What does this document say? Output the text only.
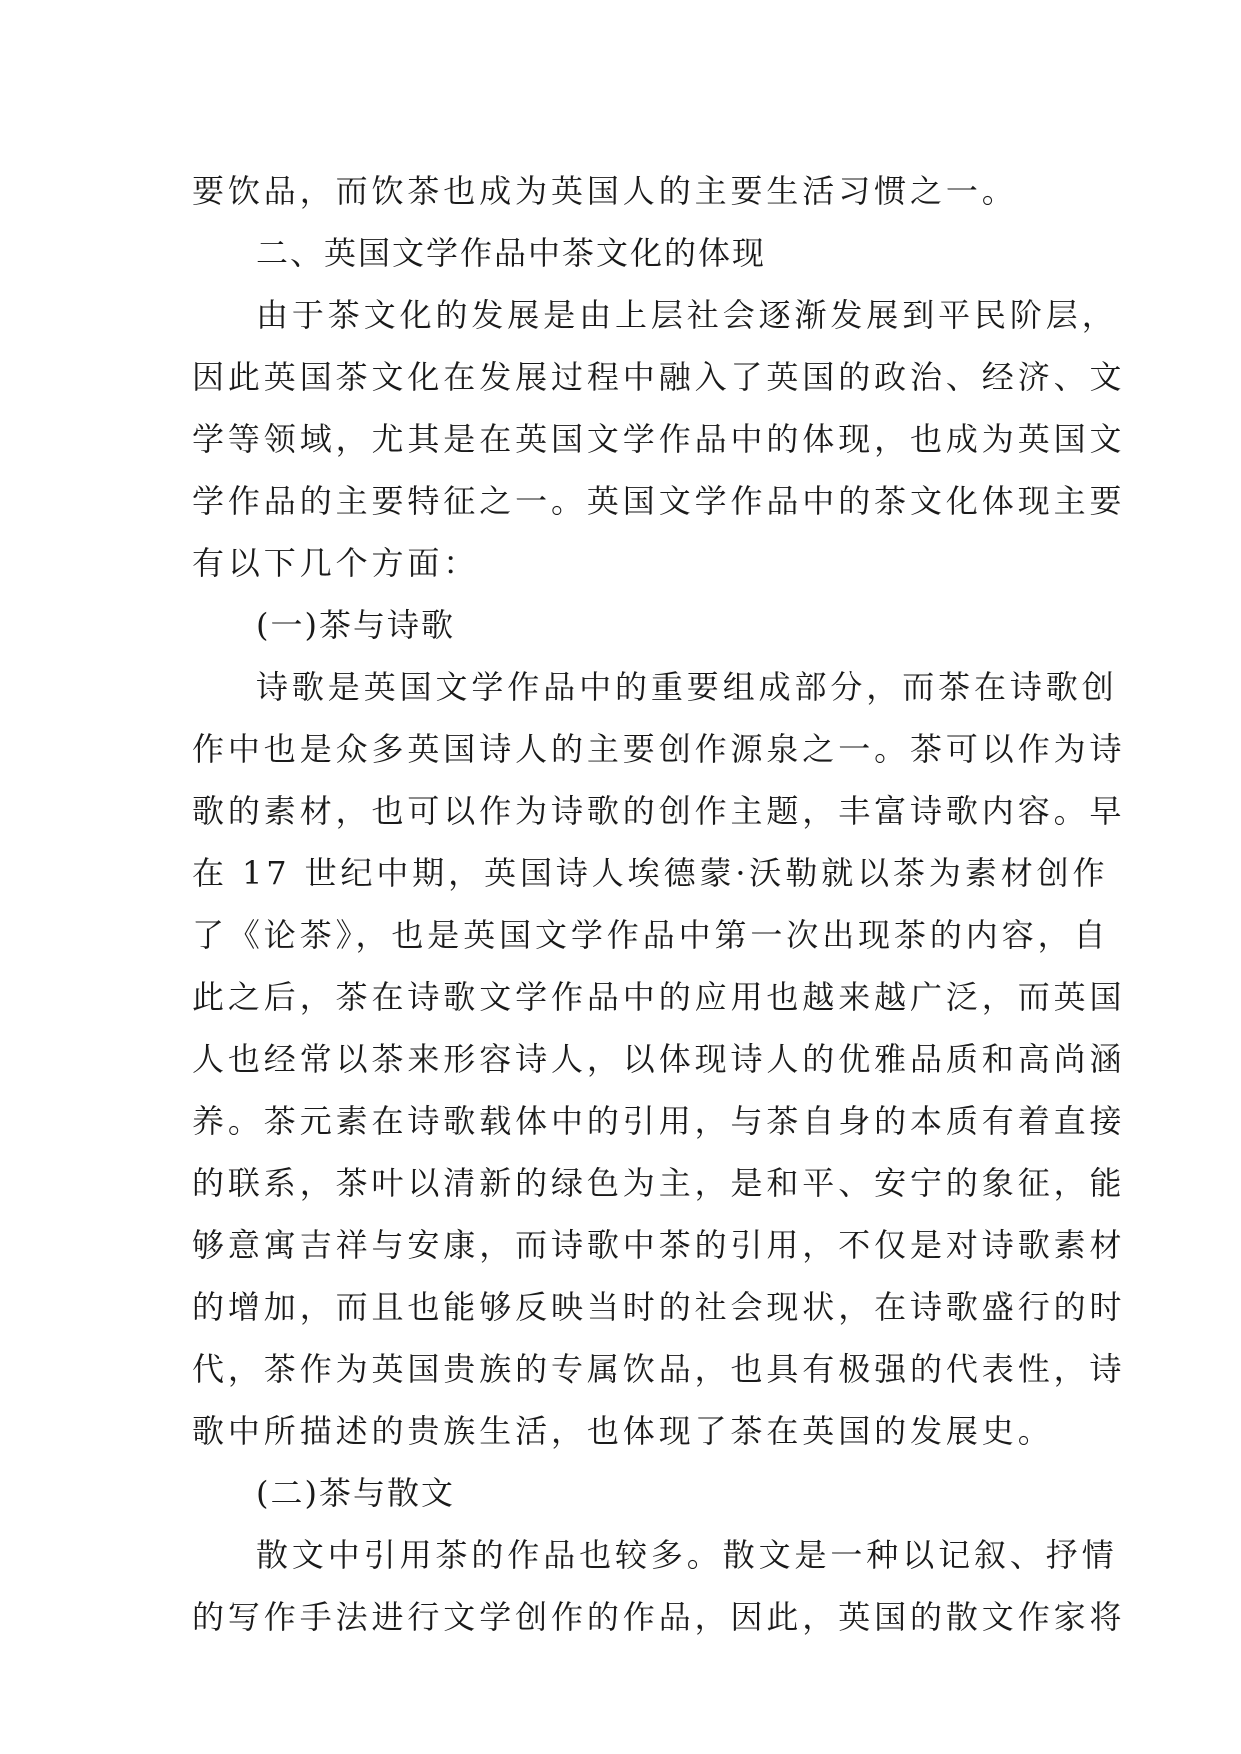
要饮品，而饮茶也成为英国人的主要生活习惯之一。
二、英国文学作品中茶文化的体现
由于茶文化的发展是由上层社会逐渐发展到平民阶层，
因此英国茶文化在发展过程中融入了英国的政治、经济、文
学等领域，尤其是在英国文学作品中的体现，也成为英国文
学作品的主要特征之一。英国文学作品中的茶文化体现主要
有以下几个方面：
(一)茶与诗歌
诗歌是英国文学作品中的重要组成部分，而茶在诗歌创
作中也是众多英国诗人的主要创作源泉之一。茶可以作为诗
歌的素材，也可以作为诗歌的创作主题，丰富诗歌内容。早
在 17 世纪中期，英国诗人埃德蒙·沃勒就以茶为素材创作
了《论茶》，也是英国文学作品中第一次出现茶的内容，自
此之后，茶在诗歌文学作品中的应用也越来越广泛，而英国
人也经常以茶来形容诗人，以体现诗人的优雅品质和高尚涵
养。茶元素在诗歌载体中的引用，与茶自身的本质有着直接
的联系，茶叶以清新的绿色为主，是和平、安宁的象征，能
够意寓吉祥与安康，而诗歌中茶的引用，不仅是对诗歌素材
的增加，而且也能够反映当时的社会现状，在诗歌盛行的时
代，茶作为英国贵族的专属饮品，也具有极强的代表性，诗
歌中所描述的贵族生活，也体现了茶在英国的发展史。
(二)茶与散文
散文中引用茶的作品也较多。散文是一种以记叙、抒情
的写作手法进行文学创作的作品，因此，英国的散文作家将
